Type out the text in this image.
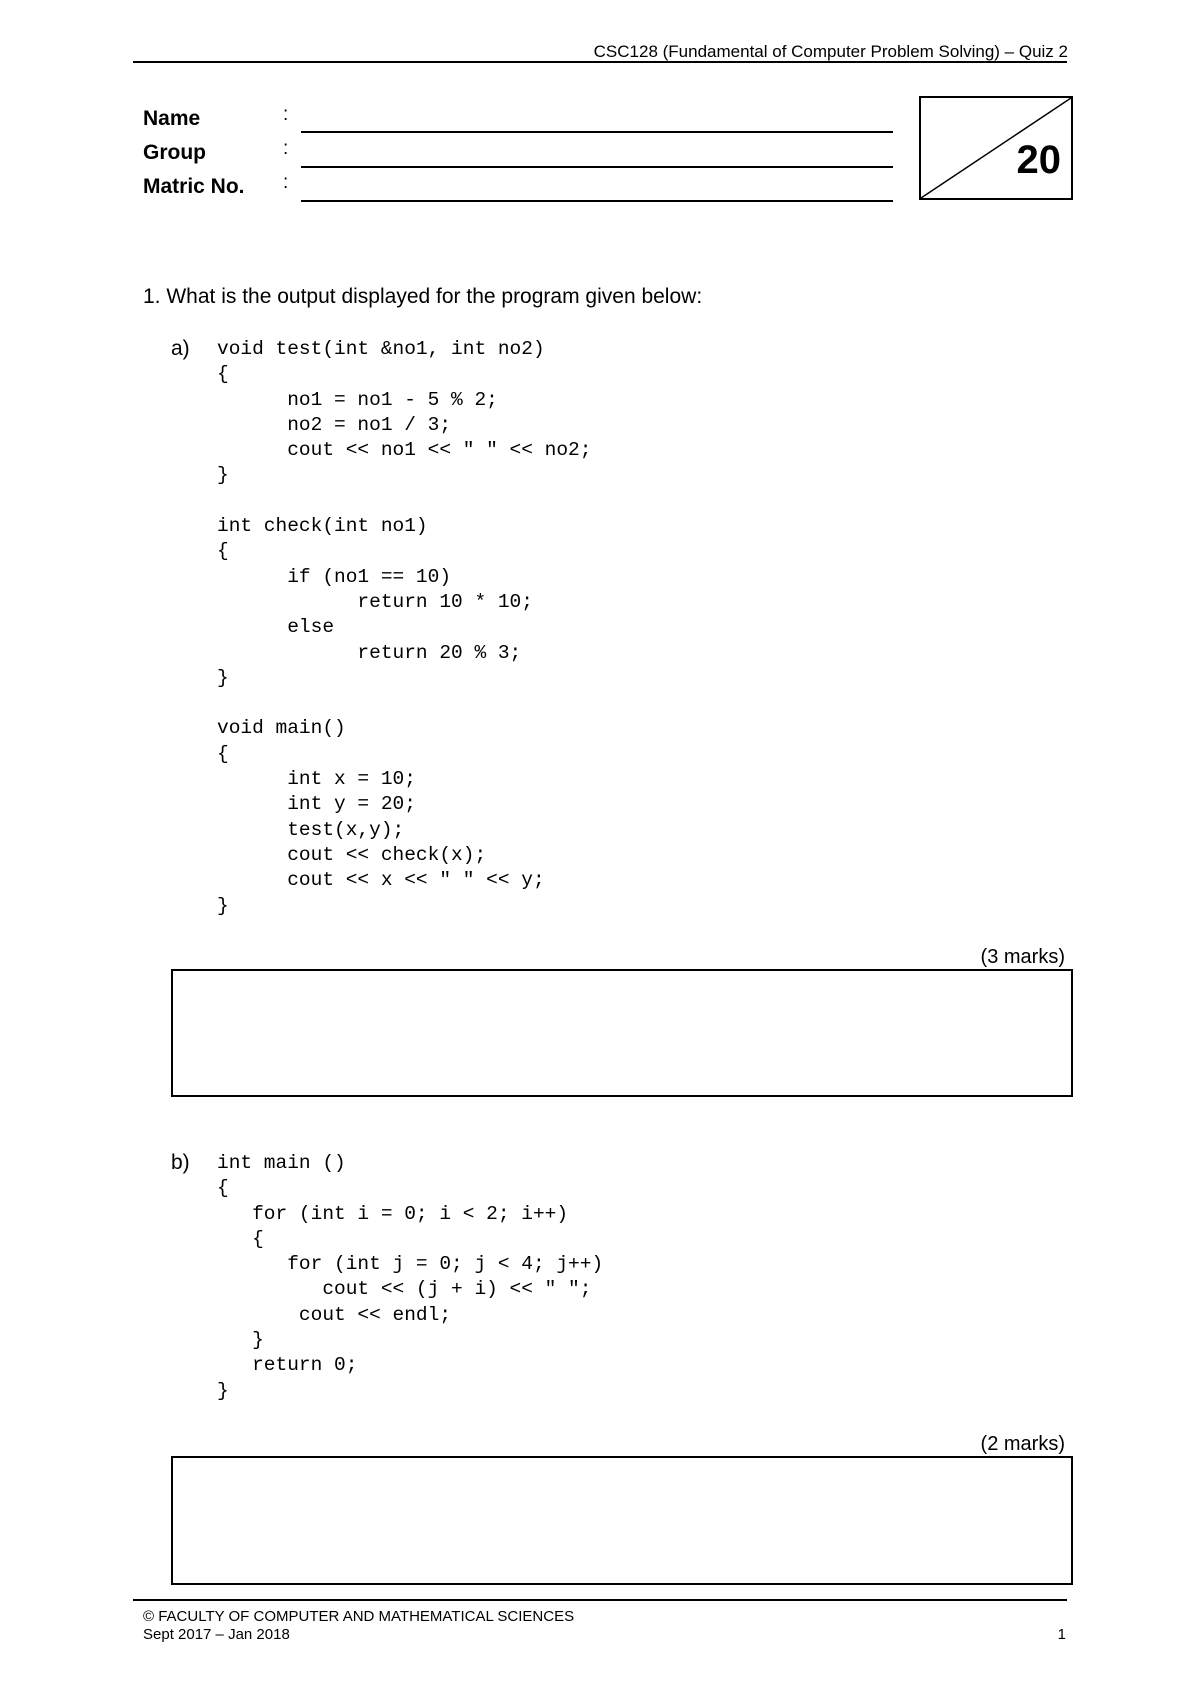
CSC128 (Fundamental of Computer Problem Solving) – Quiz 2
Name	:
Group	:
Matric No. :
20
1. What is the output displayed for the program given below:
a) void test(int &no1, int no2)
{
no1 = no1 - 5 % 2;
no2 = no1 / 3;
cout << no1 << " " << no2;
}

int check(int no1)
{
if (no1 == 10)
return 10 * 10;
else
return 20 % 3;
}

void main()
{
int x = 10;
int y = 20;
test(x,y);
cout << check(x);
cout << x << " " << y;
}
(3 marks)
b) int main ()
{
for (int i = 0; i < 2; i++)
{
for (int j = 0; j < 4; j++)
cout << (j + i) << " ";
cout << endl;
}
return 0;
}
(2 marks)
© FACULTY OF COMPUTER AND MATHEMATICAL SCIENCES
Sept 2017 – Jan 2018	1
